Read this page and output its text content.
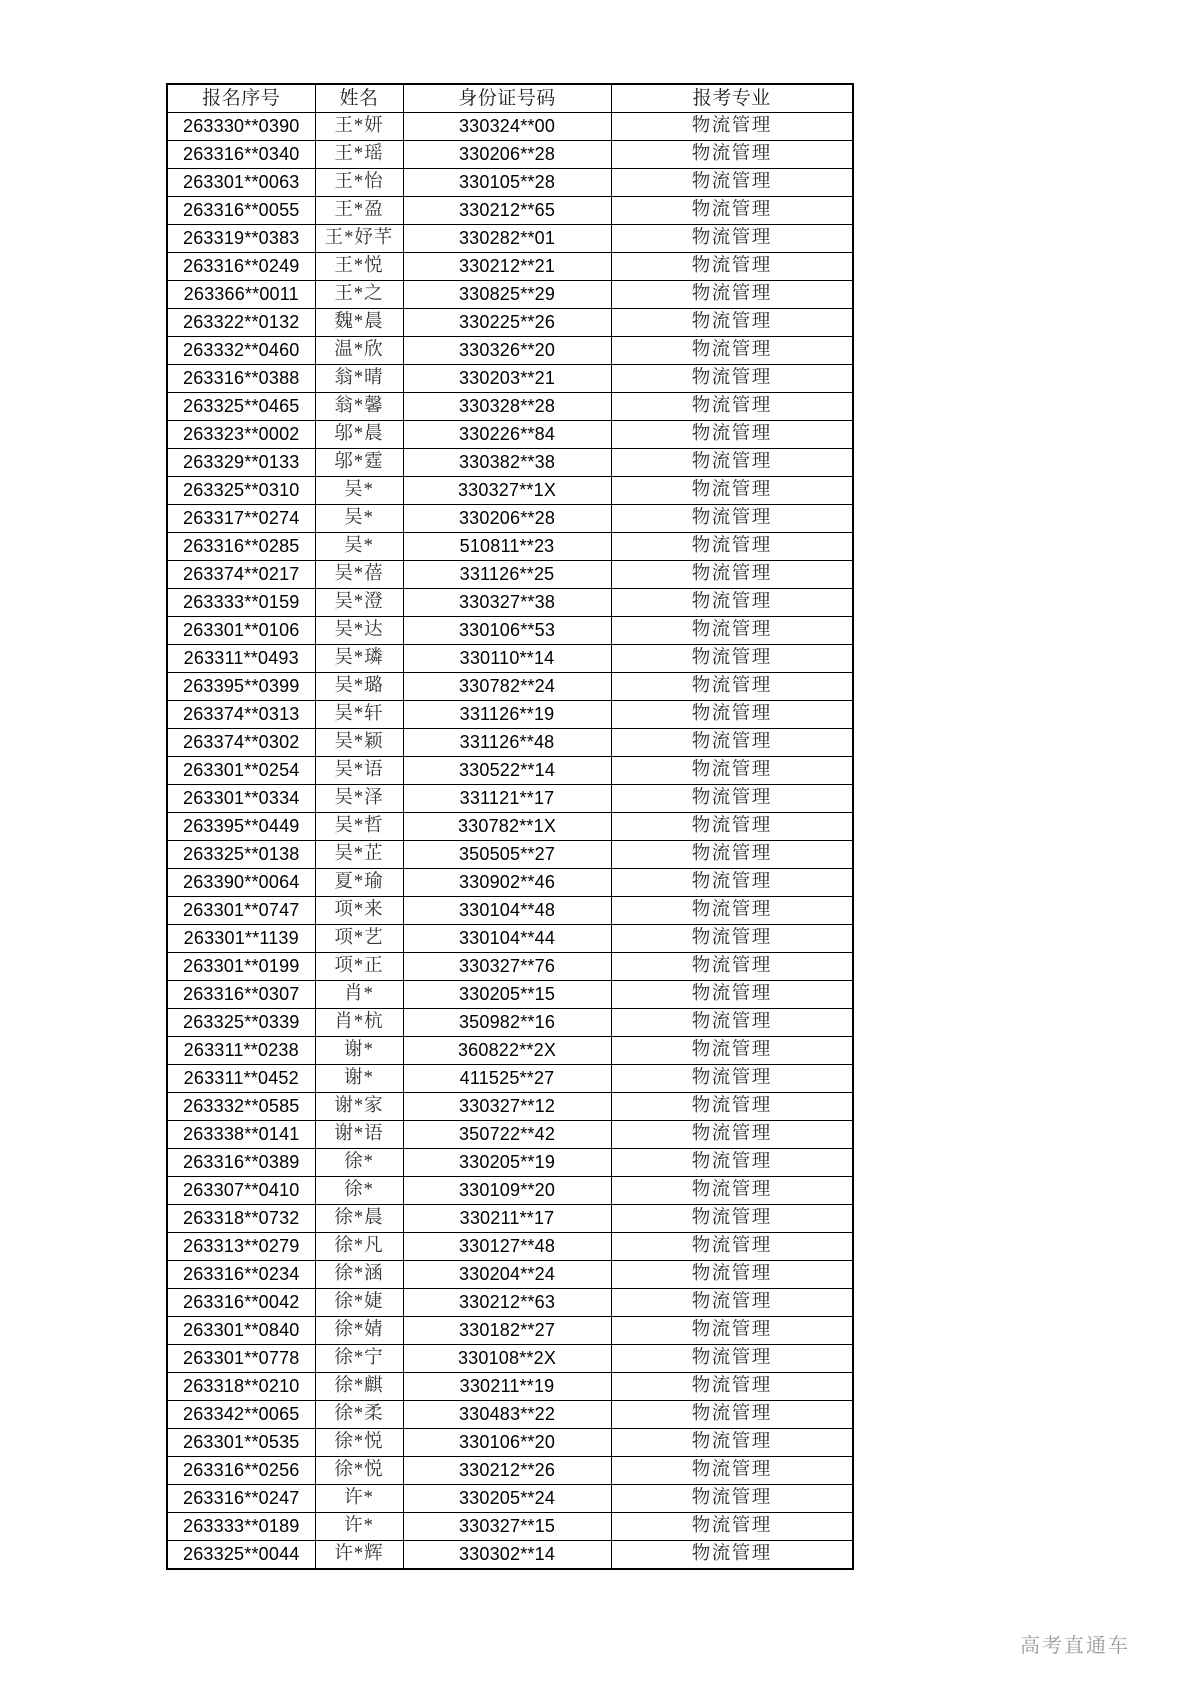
报名序号	姓名	身份证号码	报考专业
263330**0390	王*妍	330324**00	物流管理
263316**0340	王*瑶	330206**28	物流管理
263301**0063	王*怡	330105**28	物流管理
263316**0055	王*盈	330212**65	物流管理
263319**0383	王*妤芊	330282**01	物流管理
263316**0249	王*悦	330212**21	物流管理
263366**0011	王*之	330825**29	物流管理
263322**0132	魏*晨	330225**26	物流管理
263332**0460	温*欣	330326**20	物流管理
263316**0388	翁*晴	330203**21	物流管理
263325**0465	翁*馨	330328**28	物流管理
263323**0002	邬*晨	330226**84	物流管理
263329**0133	邬*霆	330382**38	物流管理
263325**0310	吴*	330327**1X	物流管理
263317**0274	吴*	330206**28	物流管理
263316**0285	吴*	510811**23	物流管理
263374**0217	吴*蓓	331126**25	物流管理
263333**0159	吴*澄	330327**38	物流管理
263301**0106	吴*达	330106**53	物流管理
263311**0493	吴*璘	330110**14	物流管理
263395**0399	吴*璐	330782**24	物流管理
263374**0313	吴*轩	331126**19	物流管理
263374**0302	吴*颖	331126**48	物流管理
263301**0254	吴*语	330522**14	物流管理
263301**0334	吴*泽	331121**17	物流管理
263395**0449	吴*哲	330782**1X	物流管理
263325**0138	吴*芷	350505**27	物流管理
263390**0064	夏*瑜	330902**46	物流管理
263301**0747	项*来	330104**48	物流管理
263301**1139	项*艺	330104**44	物流管理
263301**0199	项*正	330327**76	物流管理
263316**0307	肖*	330205**15	物流管理
263325**0339	肖*杭	350982**16	物流管理
263311**0238	谢*	360822**2X	物流管理
263311**0452	谢*	411525**27	物流管理
263332**0585	谢*家	330327**12	物流管理
263338**0141	谢*语	350722**42	物流管理
263316**0389	徐*	330205**19	物流管理
263307**0410	徐*	330109**20	物流管理
263318**0732	徐*晨	330211**17	物流管理
263313**0279	徐*凡	330127**48	物流管理
263316**0234	徐*涵	330204**24	物流管理
263316**0042	徐*婕	330212**63	物流管理
263301**0840	徐*婧	330182**27	物流管理
263301**0778	徐*宁	330108**2X	物流管理
263318**0210	徐*麒	330211**19	物流管理
263342**0065	徐*柔	330483**22	物流管理
263301**0535	徐*悦	330106**20	物流管理
263316**0256	徐*悦	330212**26	物流管理
263316**0247	许*	330205**24	物流管理
263333**0189	许*	330327**15	物流管理
263325**0044	许*辉	330302**14	物流管理
高考直通车
